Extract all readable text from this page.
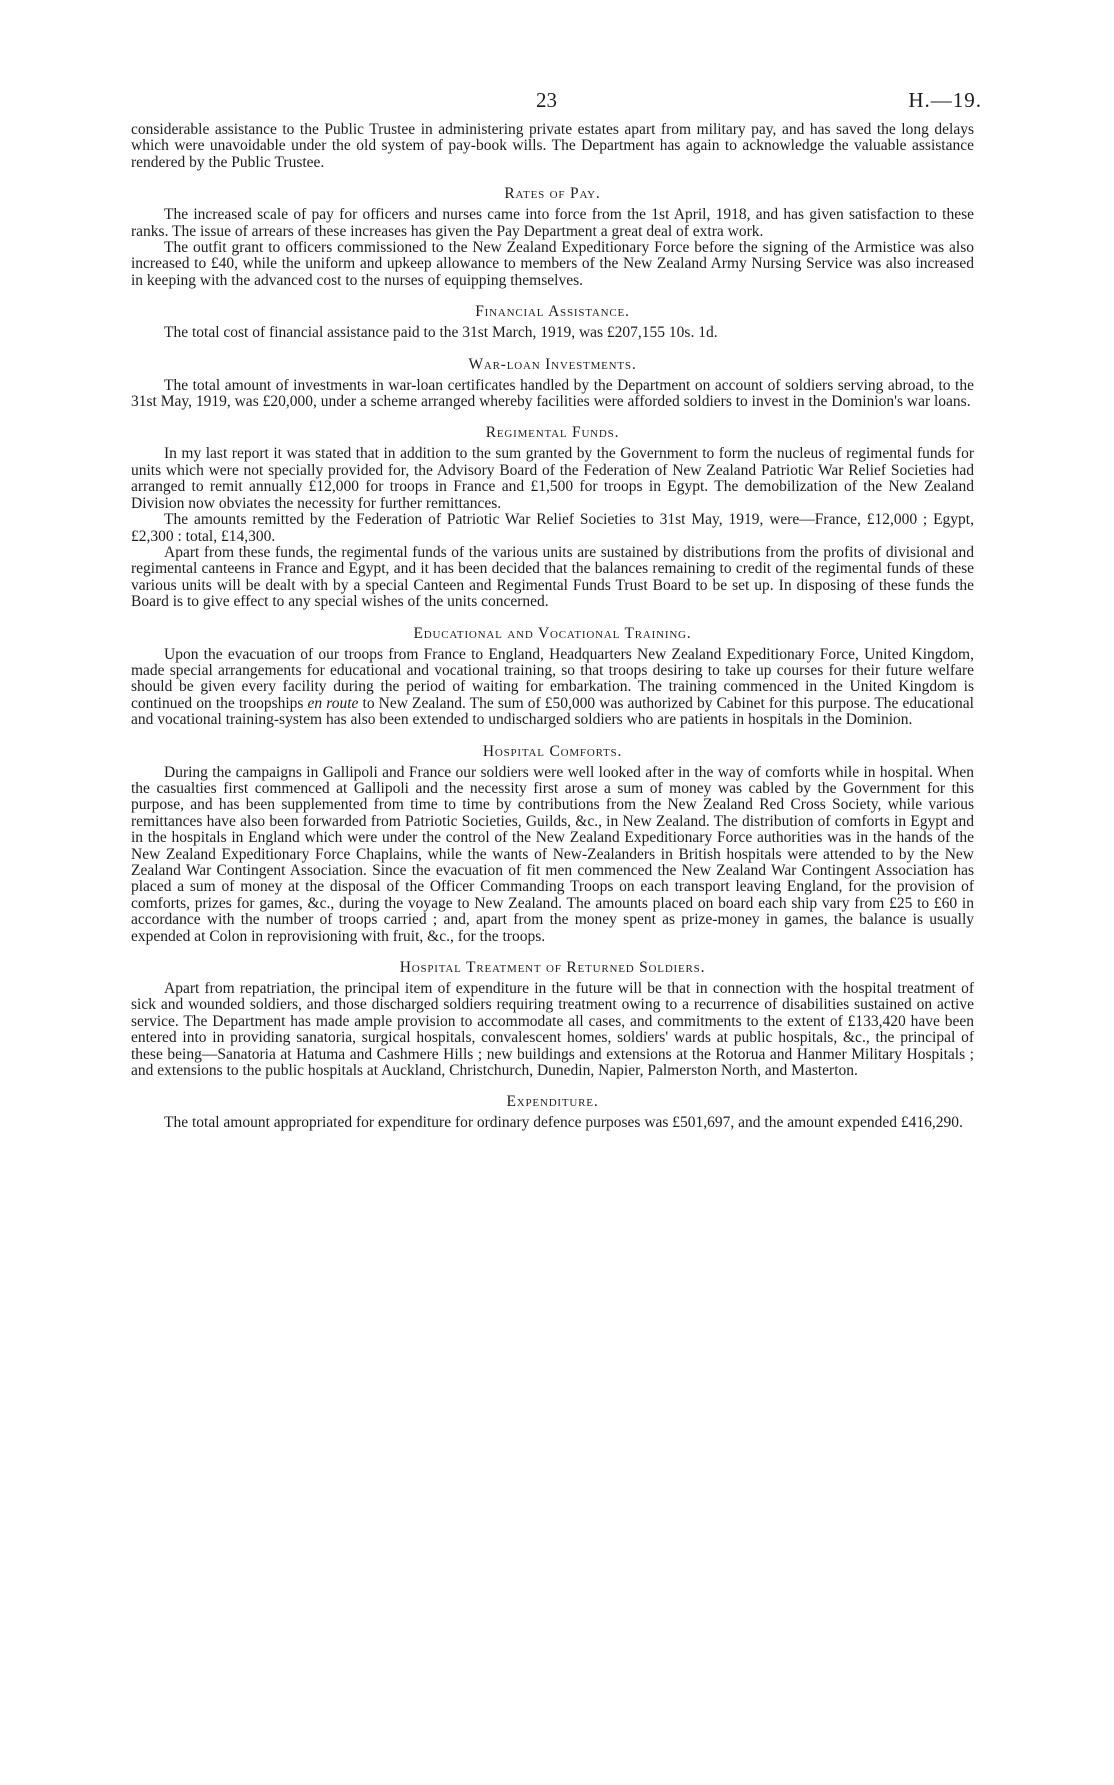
23	H.—19.

considerable assistance to the Public Trustee in administering private estates apart from military pay, and has saved the long delays which were unavoidable under the old system of pay-book wills. The Department has again to acknowledge the valuable assistance rendered by the Public Trustee.

Rates of Pay.

The increased scale of pay for officers and nurses came into force from the 1st April, 1918, and has given satisfaction to these ranks. The issue of arrears of these increases has given the Pay Department a great deal of extra work.

The outfit grant to officers commissioned to the New Zealand Expeditionary Force before the signing of the Armistice was also increased to £40, while the uniform and upkeep allowance to members of the New Zealand Army Nursing Service was also increased in keeping with the advanced cost to the nurses of equipping themselves.

Financial Assistance.

The total cost of financial assistance paid to the 31st March, 1919, was £207,155 10s. 1d.

War-loan Investments.

The total amount of investments in war-loan certificates handled by the Department on account of soldiers serving abroad, to the 31st May, 1919, was £20,000, under a scheme arranged whereby facilities were afforded soldiers to invest in the Dominion's war loans.

Regimental Funds.

In my last report it was stated that in addition to the sum granted by the Government to form the nucleus of regimental funds for units which were not specially provided for, the Advisory Board of the Federation of New Zealand Patriotic War Relief Societies had arranged to remit annually £12,000 for troops in France and £1,500 for troops in Egypt. The demobilization of the New Zealand Division now obviates the necessity for further remittances.

The amounts remitted by the Federation of Patriotic War Relief Societies to 31st May, 1919, were—France, £12,000 ; Egypt, £2,300 : total, £14,300.

Apart from these funds, the regimental funds of the various units are sustained by distributions from the profits of divisional and regimental canteens in France and Egypt, and it has been decided that the balances remaining to credit of the regimental funds of these various units will be dealt with by a special Canteen and Regimental Funds Trust Board to be set up. In disposing of these funds the Board is to give effect to any special wishes of the units concerned.

Educational and Vocational Training.

Upon the evacuation of our troops from France to England, Headquarters New Zealand Expeditionary Force, United Kingdom, made special arrangements for educational and vocational training, so that troops desiring to take up courses for their future welfare should be given every facility during the period of waiting for embarkation. The training commenced in the United Kingdom is continued on the troopships en route to New Zealand. The sum of £50,000 was authorized by Cabinet for this purpose. The educational and vocational training-system has also been extended to undischarged soldiers who are patients in hospitals in the Dominion.

Hospital Comforts.

During the campaigns in Gallipoli and France our soldiers were well looked after in the way of comforts while in hospital. When the casualties first commenced at Gallipoli and the necessity first arose a sum of money was cabled by the Government for this purpose, and has been supplemented from time to time by contributions from the New Zealand Red Cross Society, while various remittances have also been forwarded from Patriotic Societies, Guilds, &c., in New Zealand. The distribution of comforts in Egypt and in the hospitals in England which were under the control of the New Zealand Expeditionary Force authorities was in the hands of the New Zealand Expeditionary Force Chaplains, while the wants of New-Zealanders in British hospitals were attended to by the New Zealand War Contingent Association. Since the evacuation of fit men commenced the New Zealand War Contingent Association has placed a sum of money at the disposal of the Officer Commanding Troops on each transport leaving England, for the provision of comforts, prizes for games, &c., during the voyage to New Zealand. The amounts placed on board each ship vary from £25 to £60 in accordance with the number of troops carried ; and, apart from the money spent as prize-money in games, the balance is usually expended at Colon in reprovisioning with fruit, &c., for the troops.

Hospital Treatment of Returned Soldiers.

Apart from repatriation, the principal item of expenditure in the future will be that in connection with the hospital treatment of sick and wounded soldiers, and those discharged soldiers requiring treatment owing to a recurrence of disabilities sustained on active service. The Department has made ample provision to accommodate all cases, and commitments to the extent of £133,420 have been entered into in providing sanatoria, surgical hospitals, convalescent homes, soldiers' wards at public hospitals, &c., the principal of these being—Sanatoria at Hatuma and Cashmere Hills ; new buildings and extensions at the Rotorua and Hanmer Military Hospitals ; and extensions to the public hospitals at Auckland, Christchurch, Dunedin, Napier, Palmerston North, and Masterton.

Expenditure.

The total amount appropriated for expenditure for ordinary defence purposes was £501,697, and the amount expended £416,290.
